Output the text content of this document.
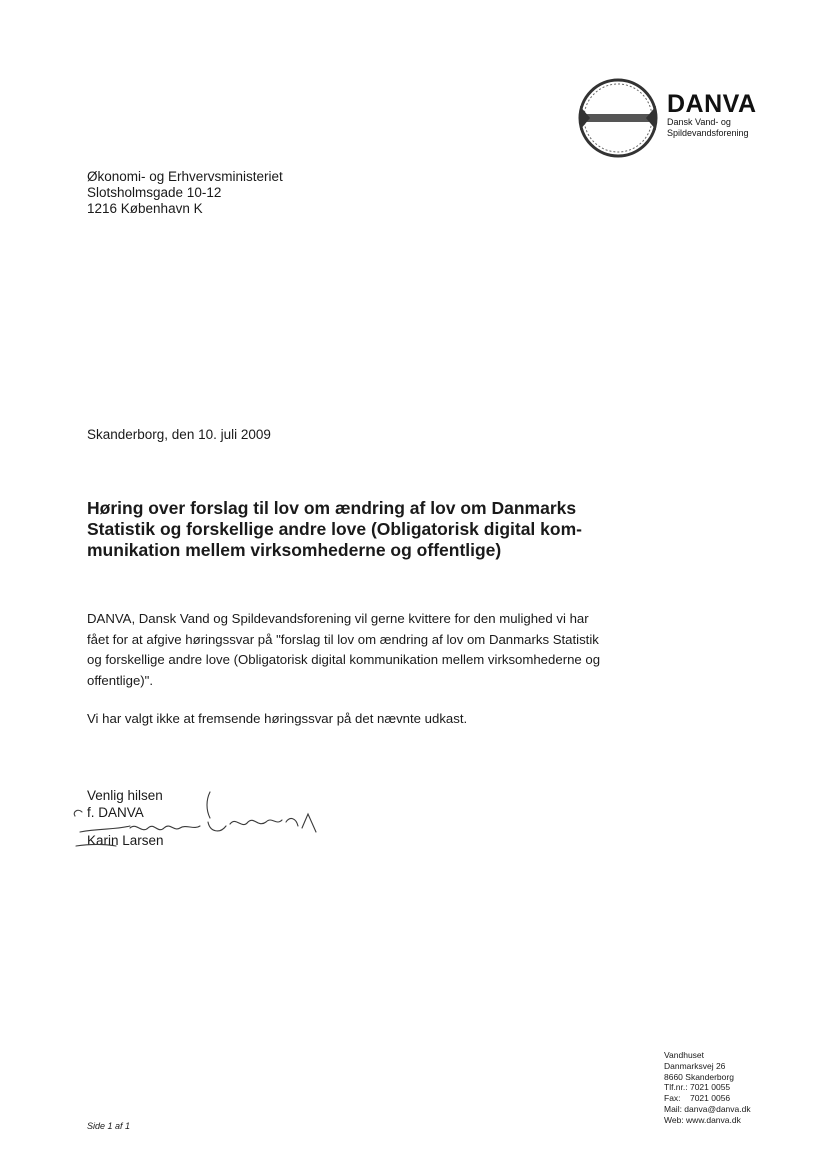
DANVA
Dansk Vand- og
Spildevandsforening
Økonomi- og Erhvervsministeriet
Slotsholmsgade 10-12
1216 København K
Skanderborg, den 10. juli 2009
Høring over forslag til lov om ændring af lov om Danmarks
Statistik og forskellige andre love (Obligatorisk digital kom-
munikation mellem virksomhederne og offentlige)

DANVA, Dansk Vand og Spildevandsforening vil gerne kvittere for den mulighed vi har
fået for at afgive høringssvar på "forslag til lov om ændring af lov om Danmarks Statistik
og forskellige andre love (Obligatorisk digital kommunikation mellem virksomhederne og
offentlige)".

Vi har valgt ikke at fremsende høringssvar på det nævnte udkast.

Venlig hilsen
f. DANVA
Karin Larsen
Vandhuset
Danmarksvej 26
8660 Skanderborg
Tlf.nr.: 7021 0055
Fax:    7021 0056
Mail: danva@danva.dk
Web: www.danva.dk
Side 1 af 1
